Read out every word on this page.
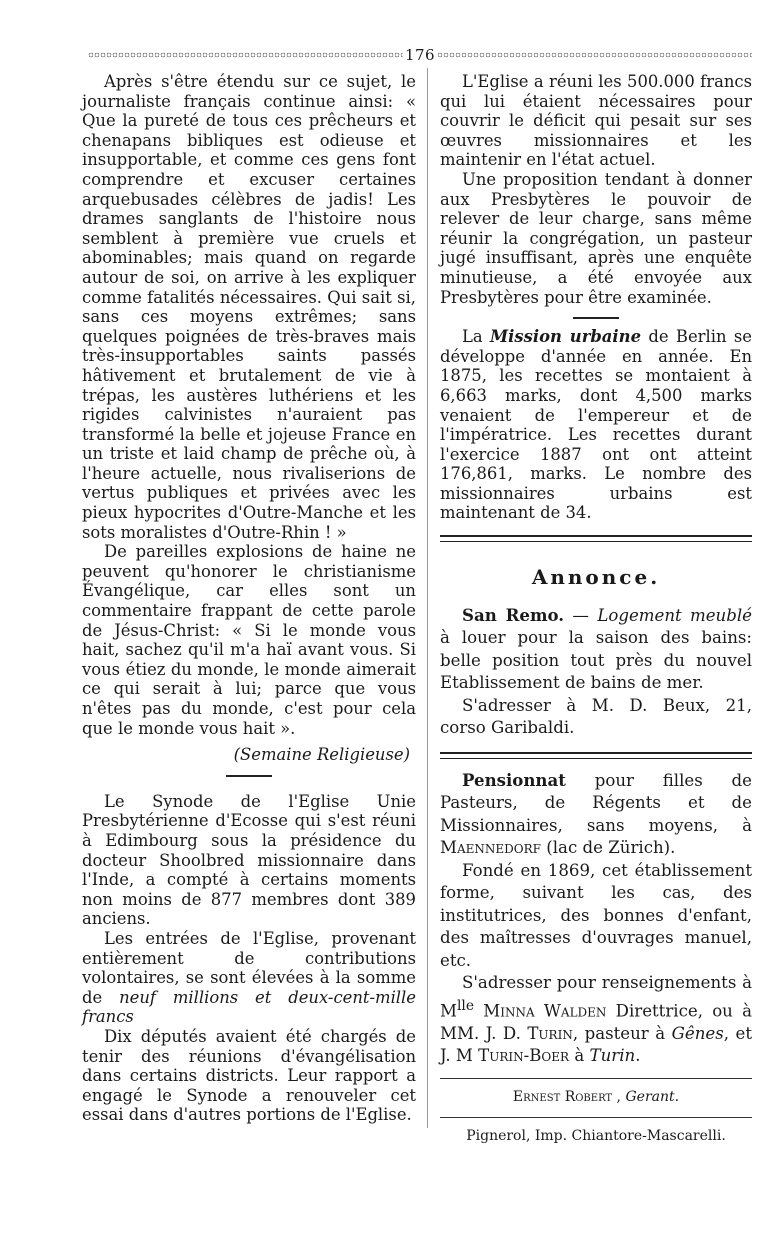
176

Après s'être étendu sur ce sujet, le journaliste français continue ainsi: « Que la pureté de tous ces prêcheurs et chenapans bibliques est odieuse et insupportable, et comme ces gens font comprendre et excuser certaines arquebusades célèbres de jadis! Les drames sanglants de l'histoire nous semblent à première vue cruels et abominables; mais quand on regarde autour de soi, on arrive à les expliquer comme fatalités nécessaires. Qui sait si, sans ces moyens extrêmes; sans quelques poignées de très-braves mais très-insupportables saints passés hâtivement et brutalement de vie à trépas, les austères luthériens et les rigides calvinistes n'auraient pas transformé la belle et jojeuse France en un triste et laid champ de prêche où, à l'heure actuelle, nous rivaliserions de vertus publiques et privées avec les pieux hypocrites d'Outre-Manche et les sots moralistes d'Outre-Rhin ! »

De pareilles explosions de haine ne peuvent qu'honorer le christianisme Évangélique, car elles sont un commentaire frappant de cette parole de Jésus-Christ: « Si le monde vous hait, sachez qu'il m'a haï avant vous. Si vous étiez du monde, le monde aimerait ce qui serait à lui; parce que vous n'êtes pas du monde, c'est pour cela que le monde vous hait ».

(Semaine Religieuse)

Le Synode de l'Eglise Unie Presbytérienne d'Ecosse qui s'est réuni à Edimbourg sous la présidence du docteur Shoolbred missionnaire dans l'Inde, a compté à certains moments non moins de 877 membres dont 389 anciens.

Les entrées de l'Eglise, provenant entièrement de contributions volontaires, se sont élevées à la somme de neuf millions et deux-cent-mille francs

Dix députés avaient été chargés de tenir des réunions d'évangélisation dans certains districts. Leur rapport a engagé le Synode a renouveler cet essai dans d'autres portions de l'Eglise.

L'Eglise a réuni les 500.000 francs qui lui étaient nécessaires pour couvrir le déficit qui pesait sur ses œuvres missionnaires et les maintenir en l'état actuel.

Une proposition tendant à donner aux Presbytères le pouvoir de relever de leur charge, sans même réunir la congrégation, un pasteur jugé insuffisant, après une enquête minutieuse, a été envoyée aux Presbytères pour être examinée.

La Mission urbaine de Berlin se développe d'année en année. En 1875, les recettes se montaient à 6,663 marks, dont 4,500 marks venaient de l'empereur et de l'impératrice. Les recettes durant l'exercice 1887 ont ont atteint 176,861, marks. Le nombre des missionnaires urbains est maintenant de 34.

Annonce.

San Remo. — Logement meublé à louer pour la saison des bains: belle position tout près du nouvel Etablissement de bains de mer.

S'adresser à M. D. Beux, 21, corso Garibaldi.

Pensionnat pour filles de Pasteurs, de Régents et de Missionnaires, sans moyens, à Maennedorf (lac de Zürich).

Fondé en 1869, cet établissement forme, suivant les cas, des institutrices, des bonnes d'enfant, des maîtresses d'ouvrages manuel, etc.

S'adresser pour renseignements à $M^{lle}$ Minna Walden Direttrice, ou à MM. J. D. Turin, pasteur à Gênes, et J. M Turin-Boer à Turin.

Ernest Robert , Gerant.

Pignerol, Imp. Chiantore-Mascarelli.
